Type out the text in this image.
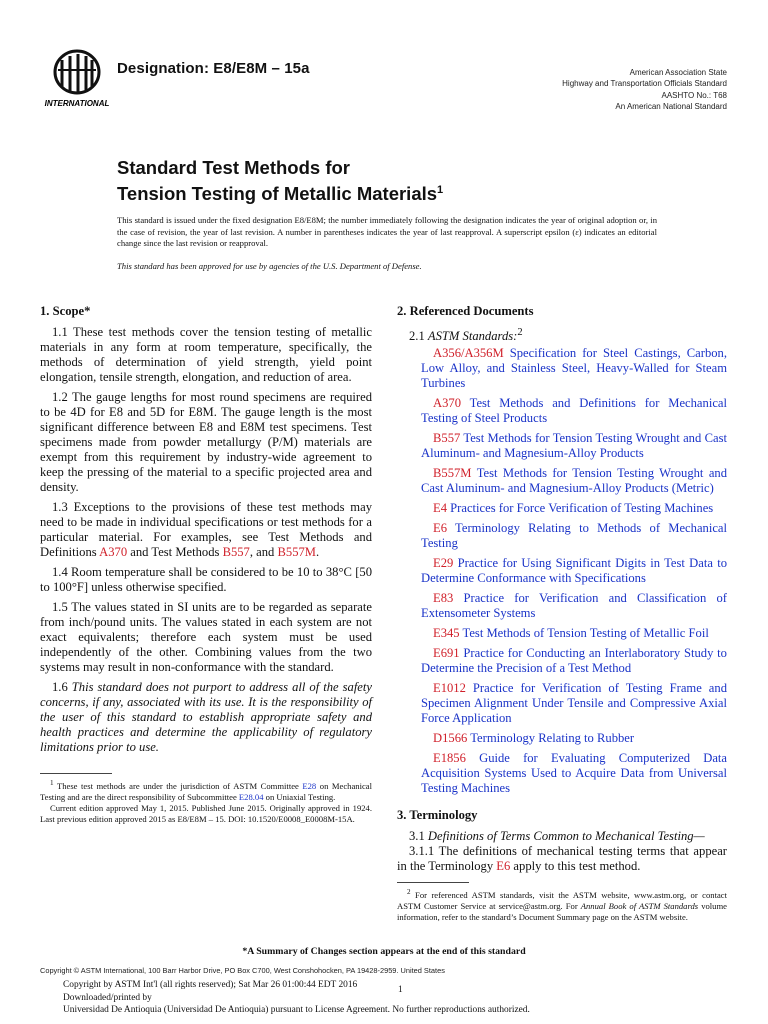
INTERNATIONAL
Designation: E8/E8M – 15a	American Association State
Highway and Transportation Officials Standard
AASHTO No.: T68
An American National Standard
Standard Test Methods for
Tension Testing of Metallic Materials$^1$
This standard is issued under the fixed designation E8/E8M; the number immediately following the designation indicates the year of original adoption or, in the case of revision, the year of last revision. A number in parentheses indicates the year of last reapproval. A superscript epsilon (ε) indicates an editorial change since the last revision or reapproval.
This standard has been approved for use by agencies of the U.S. Department of Defense.
1. Scope*

1.1 These test methods cover the tension testing of metallic materials in any form at room temperature, specifically, the methods of determination of yield strength, yield point elongation, tensile strength, elongation, and reduction of area.

1.2 The gauge lengths for most round specimens are required to be 4D for E8 and 5D for E8M. The gauge length is the most significant difference between E8 and E8M test specimens. Test specimens made from powder metallurgy (P/M) materials are exempt from this requirement by industry-wide agreement to keep the pressing of the material to a specific projected area and density.

1.3 Exceptions to the provisions of these test methods may need to be made in individual specifications or test methods for a particular material. For examples, see Test Methods and Definitions A370 and Test Methods B557, and B557M.

1.4 Room temperature shall be considered to be 10 to 38°C [50 to 100°F] unless otherwise specified.

1.5 The values stated in SI units are to be regarded as separate from inch/pound units. The values stated in each system are not exact equivalents; therefore each system must be used independently of the other. Combining values from the two systems may result in non-conformance with the standard.

1.6 This standard does not purport to address all of the safety concerns, if any, associated with its use. It is the responsibility of the user of this standard to establish appropriate safety and health practices and determine the applicability of regulatory limitations prior to use.

$^1$ These test methods are under the jurisdiction of ASTM Committee E28 on Mechanical Testing and are the direct responsibility of Subcommittee E28.04 on Uniaxial Testing.

Current edition approved May 1, 2015. Published June 2015. Originally approved in 1924. Last previous edition approved 2015 as E8/E8M – 15. DOI: 10.1520/E0008_E0008M-15A.

2. Referenced Documents

2.1 ASTM Standards:$^2$

A356/A356M Specification for Steel Castings, Carbon, Low Alloy, and Stainless Steel, Heavy-Walled for Steam Turbines

A370 Test Methods and Definitions for Mechanical Testing of Steel Products

B557 Test Methods for Tension Testing Wrought and Cast Aluminum- and Magnesium-Alloy Products

B557M Test Methods for Tension Testing Wrought and Cast Aluminum- and Magnesium-Alloy Products (Metric)

E4 Practices for Force Verification of Testing Machines

E6 Terminology Relating to Methods of Mechanical Testing

E29 Practice for Using Significant Digits in Test Data to Determine Conformance with Specifications

E83 Practice for Verification and Classification of Extensometer Systems

E345 Test Methods of Tension Testing of Metallic Foil

E691 Practice for Conducting an Interlaboratory Study to Determine the Precision of a Test Method

E1012 Practice for Verification of Testing Frame and Specimen Alignment Under Tensile and Compressive Axial Force Application

D1566 Terminology Relating to Rubber

E1856 Guide for Evaluating Computerized Data Acquisition Systems Used to Acquire Data from Universal Testing Machines

3. Terminology

3.1 Definitions of Terms Common to Mechanical Testing—

3.1.1 The definitions of mechanical testing terms that appear in the Terminology E6 apply to this test method.

$^2$ For referenced ASTM standards, visit the ASTM website, www.astm.org, or contact ASTM Customer Service at service@astm.org. For Annual Book of ASTM Standards volume information, refer to the standard’s Document Summary page on the ASTM website.

*A Summary of Changes section appears at the end of this standard
Copyright © ASTM International, 100 Barr Harbor Drive, PO Box C700, West Conshohocken, PA 19428-2959. United States
Copyright by ASTM Int'l (all rights reserved); Sat Mar 26 01:00:44 EDT 2016
Downloaded/printed by
Universidad De Antioquia (Universidad De Antioquia) pursuant to License Agreement. No further reproductions authorized.
1
